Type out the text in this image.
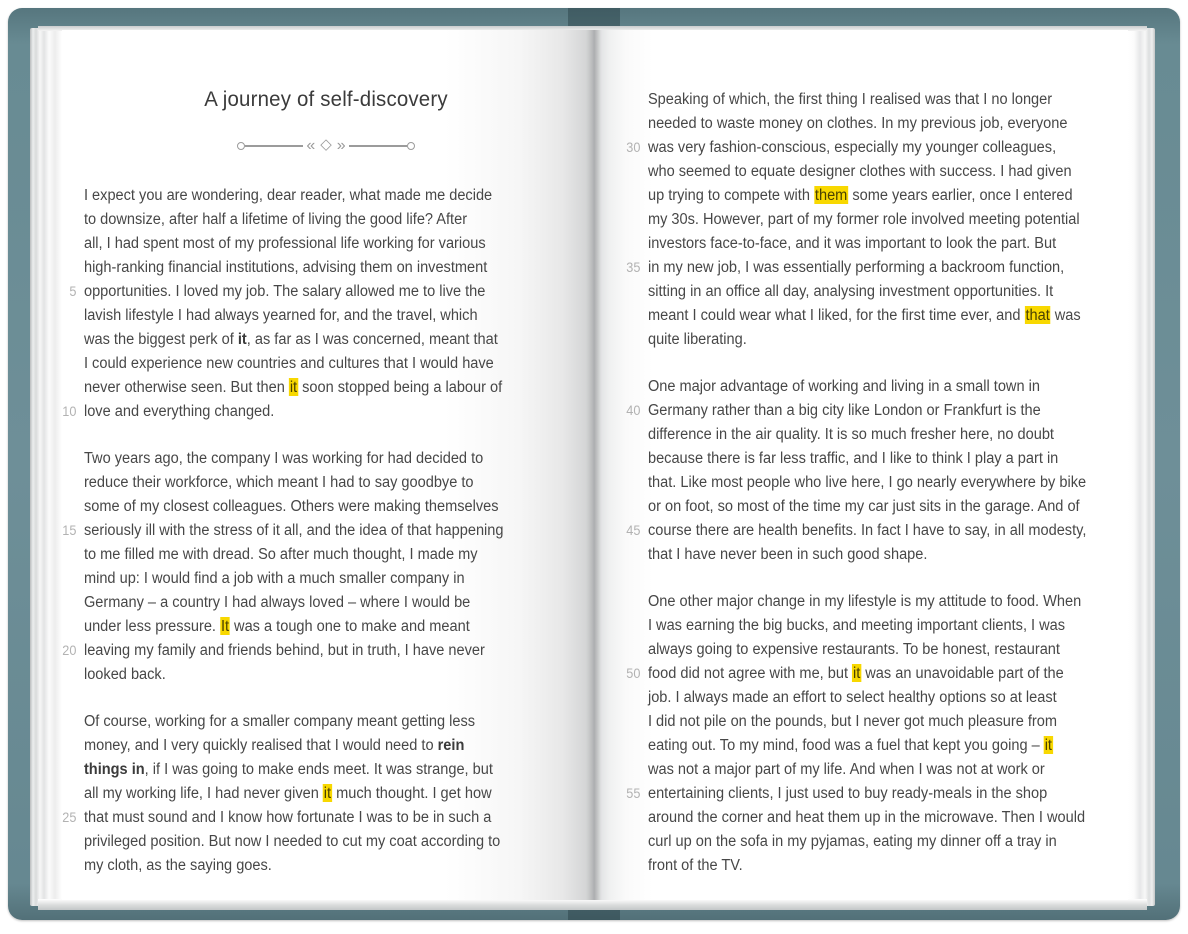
A journey of self-discovery
« ◇ »
I expect you are wondering, dear reader, what made me decide
to downsize, after half a lifetime of living the good life? After
all, I had spent most of my professional life working for various
high-ranking financial institutions, advising them on investment
5 opportunities. I loved my job. The salary allowed me to live the
lavish lifestyle I had always yearned for, and the travel, which
was the biggest perk of it, as far as I was concerned, meant that
I could experience new countries and cultures that I would have
never otherwise seen. But then it soon stopped being a labour of
10 love and everything changed.
Two years ago, the company I was working for had decided to
reduce their workforce, which meant I had to say goodbye to
some of my closest colleagues. Others were making themselves
15 seriously ill with the stress of it all, and the idea of that happening
to me filled me with dread. So after much thought, I made my
mind up: I would find a job with a much smaller company in
Germany – a country I had always loved – where I would be
under less pressure. It was a tough one to make and meant
20 leaving my family and friends behind, but in truth, I have never
looked back.
Of course, working for a smaller company meant getting less
money, and I very quickly realised that I would need to rein
things in, if I was going to make ends meet. It was strange, but
all my working life, I had never given it much thought. I get how
25 that must sound and I know how fortunate I was to be in such a
privileged position. But now I needed to cut my coat according to
my cloth, as the saying goes.
Speaking of which, the first thing I realised was that I no longer
needed to waste money on clothes. In my previous job, everyone
30 was very fashion-conscious, especially my younger colleagues,
who seemed to equate designer clothes with success. I had given
up trying to compete with them some years earlier, once I entered
my 30s. However, part of my former role involved meeting potential
investors face-to-face, and it was important to look the part. But
35 in my new job, I was essentially performing a backroom function,
sitting in an office all day, analysing investment opportunities. It
meant I could wear what I liked, for the first time ever, and that was
quite liberating.
One major advantage of working and living in a small town in
40 Germany rather than a big city like London or Frankfurt is the
difference in the air quality. It is so much fresher here, no doubt
because there is far less traffic, and I like to think I play a part in
that. Like most people who live here, I go nearly everywhere by bike
or on foot, so most of the time my car just sits in the garage. And of
45 course there are health benefits. In fact I have to say, in all modesty,
that I have never been in such good shape.
One other major change in my lifestyle is my attitude to food. When
I was earning the big bucks, and meeting important clients, I was
always going to expensive restaurants. To be honest, restaurant
50 food did not agree with me, but it was an unavoidable part of the
job. I always made an effort to select healthy options so at least
I did not pile on the pounds, but I never got much pleasure from
eating out. To my mind, food was a fuel that kept you going – it
was not a major part of my life. And when I was not at work or
55 entertaining clients, I just used to buy ready-meals in the shop
around the corner and heat them up in the microwave. Then I would
curl up on the sofa in my pyjamas, eating my dinner off a tray in
front of the TV.
